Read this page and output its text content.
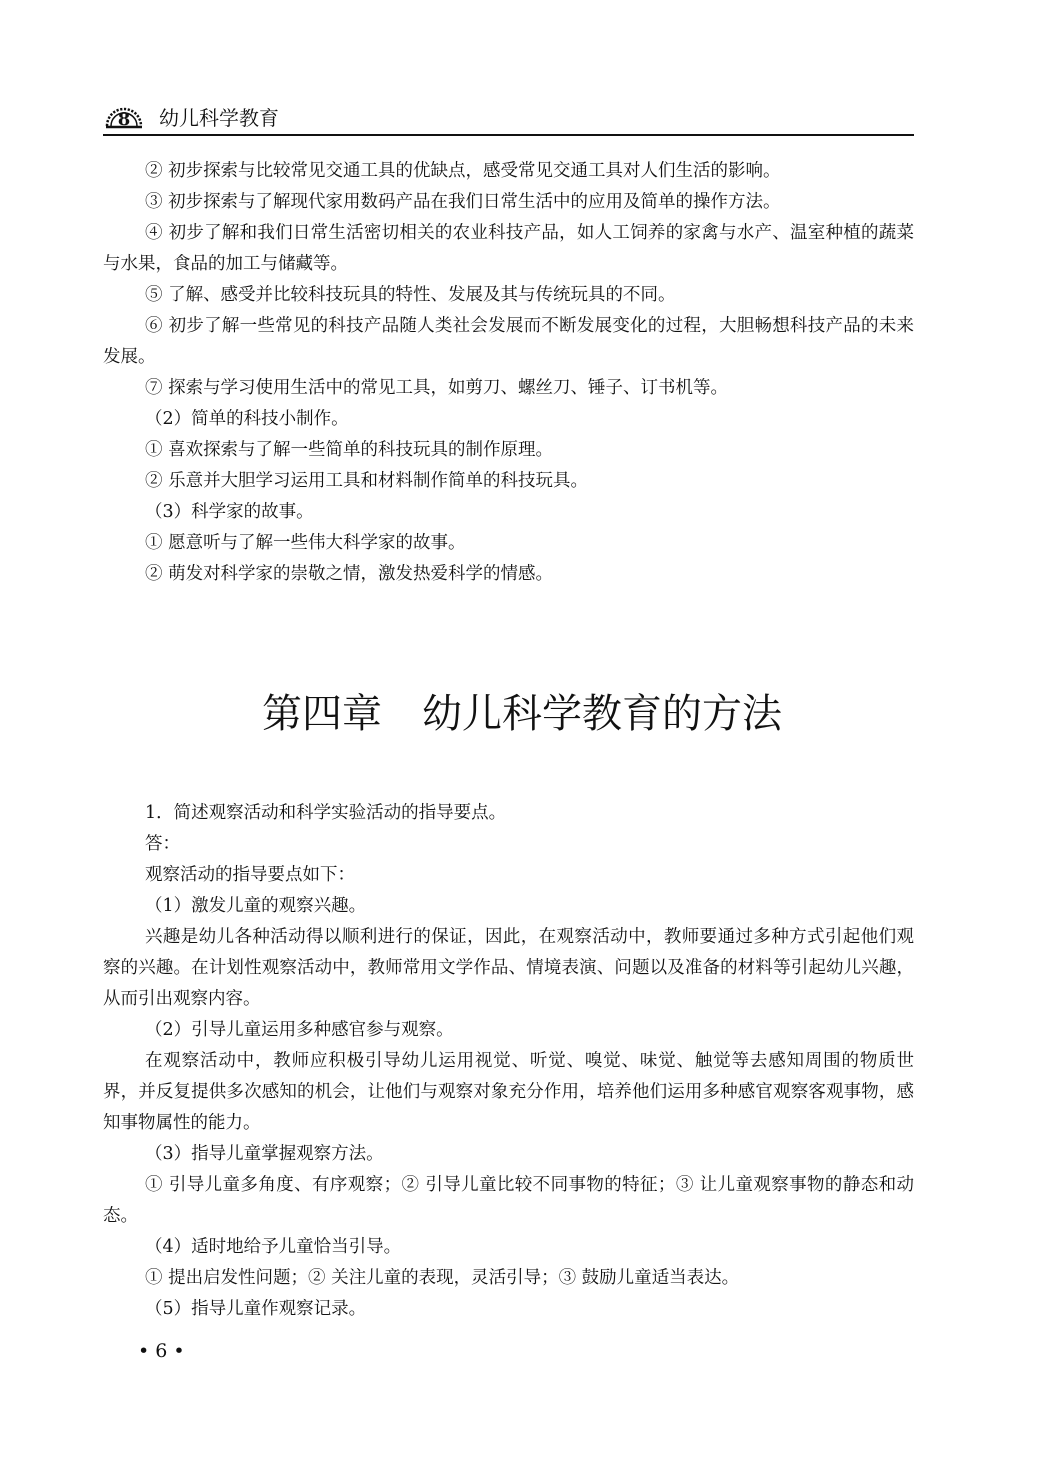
8 幼儿科学教育

② 初步探索与比较常见交通工具的优缺点，感受常见交通工具对人们生活的影响。

③ 初步探索与了解现代家用数码产品在我们日常生活中的应用及简单的操作方法。

④ 初步了解和我们日常生活密切相关的农业科技产品，如人工饲养的家禽与水产、温室种植的蔬菜与水果，食品的加工与储藏等。

⑤ 了解、感受并比较科技玩具的特性、发展及其与传统玩具的不同。

⑥ 初步了解一些常见的科技产品随人类社会发展而不断发展变化的过程，大胆畅想科技产品的未来发展。

⑦ 探索与学习使用生活中的常见工具，如剪刀、螺丝刀、锤子、订书机等。

（2）简单的科技小制作。

① 喜欢探索与了解一些简单的科技玩具的制作原理。

② 乐意并大胆学习运用工具和材料制作简单的科技玩具。

（3）科学家的故事。

① 愿意听与了解一些伟大科学家的故事。

② 萌发对科学家的崇敬之情，激发热爱科学的情感。

第四章　幼儿科学教育的方法

1．简述观察活动和科学实验活动的指导要点。

答：

观察活动的指导要点如下：

（1）激发儿童的观察兴趣。

兴趣是幼儿各种活动得以顺利进行的保证，因此，在观察活动中，教师要通过多种方式引起他们观察的兴趣。在计划性观察活动中，教师常用文学作品、情境表演、问题以及准备的材料等引起幼儿兴趣，从而引出观察内容。

（2）引导儿童运用多种感官参与观察。

在观察活动中，教师应积极引导幼儿运用视觉、听觉、嗅觉、味觉、触觉等去感知周围的物质世界，并反复提供多次感知的机会，让他们与观察对象充分作用，培养他们运用多种感官观察客观事物，感知事物属性的能力。

（3）指导儿童掌握观察方法。

① 引导儿童多角度、有序观察；② 引导儿童比较不同事物的特征；③ 让儿童观察事物的静态和动态。

（4）适时地给予儿童恰当引导。

① 提出启发性问题；② 关注儿童的表现，灵活引导；③ 鼓励儿童适当表达。

（5）指导儿童作观察记录。

• 6 •
